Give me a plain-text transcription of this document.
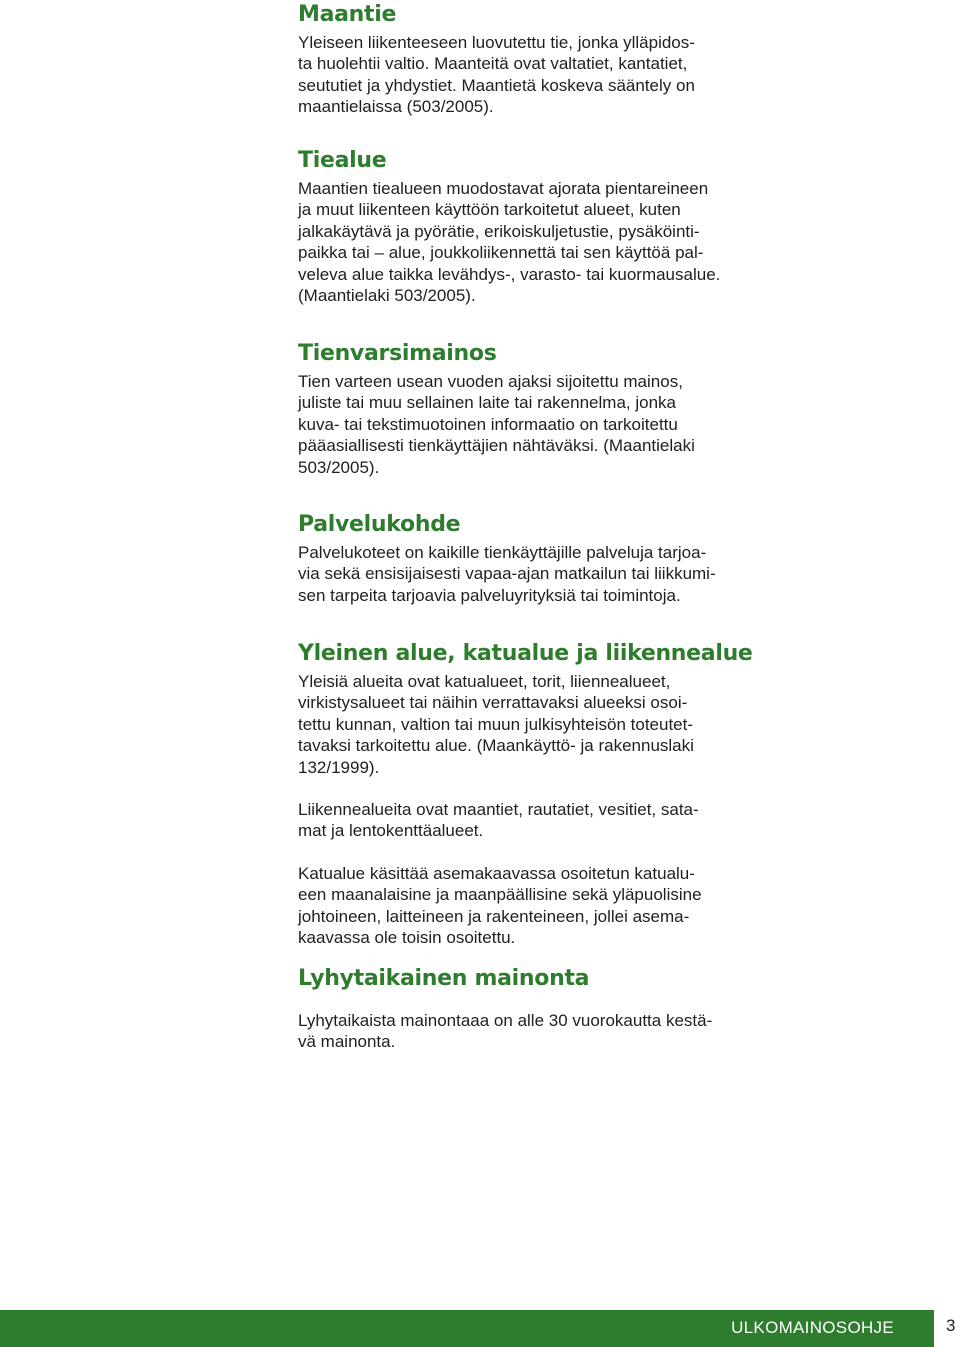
Maantie

Yleiseen liikenteeseen luovutettu tie, jonka ylläpidos-
ta huolehtii valtio. Maanteitä ovat valtatiet, kantatiet,
seututiet ja yhdystiet. Maantietä koskeva sääntely on
maantielaissa (503/2005).

Tiealue

Maantien tiealueen muodostavat ajorata pientareineen
ja muut liikenteen käyttöön tarkoitetut alueet, kuten
jalkakäytävä ja pyörätie, erikoiskuljetustie, pysäköinti-
paikka tai – alue, joukkoliikennettä tai sen käyttöä pal-
veleva alue taikka levähdys-, varasto- tai kuormausalue.
(Maantielaki 503/2005).

Tienvarsimainos

Tien varteen usean vuoden ajaksi sijoitettu mainos,
juliste tai muu sellainen laite tai rakennelma, jonka
kuva- tai tekstimuotoinen informaatio on tarkoitettu
pääasiallisesti tienkäyttäjien nähtäväksi. (Maantielaki
503/2005).

Palvelukohde

Palvelukoteet on kaikille tienkäyttäjille palveluja tarjoa-
via sekä ensisijaisesti vapaa-ajan matkailun tai liikkumi-
sen tarpeita tarjoavia palveluyrityksiä tai toimintoja.

Yleinen alue, katualue ja liikennealue

Yleisiä alueita ovat katualueet, torit, liiennealueet,
virkistysalueet tai näihin verrattavaksi alueeksi osoi-
tettu kunnan, valtion tai muun julkisyhteisön toteutet-
tavaksi tarkoitettu alue. (Maankäyttö- ja rakennuslaki
132/1999).

Liikennealueita ovat maantiet, rautatiet, vesitiet, sata-
mat ja lentokenttäalueet.

Katualue käsittää asemakaavassa osoitetun katualu-
een maanalaisine ja maanpäällisine sekä yläpuolisine
johtoineen, laitteineen ja rakenteineen, jollei asema-
kaavassa ole toisin osoitettu.

Lyhytaikainen mainonta

Lyhytaikaista mainontaaa on alle 30 vuorokautta kestä-
vä mainonta.

ULKOMAINOSOHJE	3
